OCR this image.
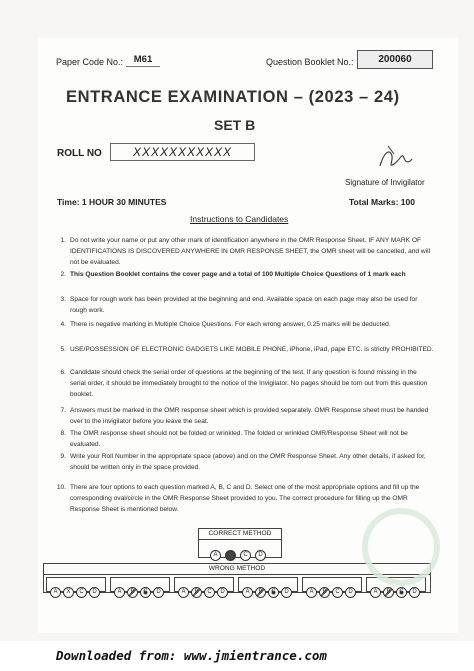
Paper Code No.:	M61	Question Booklet No.:	200060
ENTRANCE EXAMINATION – (2023 – 24)
SET B
ROLL NO	XXXXXXXXXXX
Signature of Invigilator
Time: 1 HOUR 30 MINUTES	Total Marks: 100
Instructions to Candidates
1. Do not write your name or put any other mark of identification anywhere in the OMR Response Sheet. IF ANY MARK OF IDENTIFICATIONS IS DISCOVERED ANYWHERE IN OMR RESPONSE SHEET, the OMR sheet will be cancelled, and will not be evaluated.
2. This Question Booklet contains the cover page and a total of 100 Multiple Choice Questions of 1 mark each
3. Space for rough work has been provided at the beginning and end. Available space on each page may also be used for rough work.
4. There is negative marking in Multiple Choice Questions. For each wrong answer, 0.25 marks will be deducted.
5. USE/POSSESSION OF ELECTRONIC GADGETS LIKE MOBILE PHONE, iPhone, iPad, pape ETC. is strictly PROHIBITED.
6. Candidate should check the serial order of questions at the beginning of the test. If any question is found missing in the serial order, it should be immediately brought to the notice of the Invigilator. No pages should be torn out from this question booklet.
7. Answers must be marked in the OMR response sheet which is provided separately. OMR Response sheet must be handed over to the invigilator before you leave the seat.
8. The OMR response sheet should not be folded or wrinkled. The folded or wrinkled OMR/Response Sheet will not be evaluated.
9. Write your Roll Number in the appropriate space (above) and on the OMR Response Sheet. Any other details, if asked for, should be written only in the space provided.
10. There are four options to each question marked A, B, C and D. Select one of the most appropriate options and fill up the corresponding oval/circle in the OMR Response Sheet provided to you. The correct procedure for filling up the OMR Response Sheet is mentioned below.
CORRECT METHOD
A B C D
WRONG METHOD
A X C D	A B C D	A B C D	A B C D	A B C D	A B C D
Downloaded from: www.jmientrance.com
